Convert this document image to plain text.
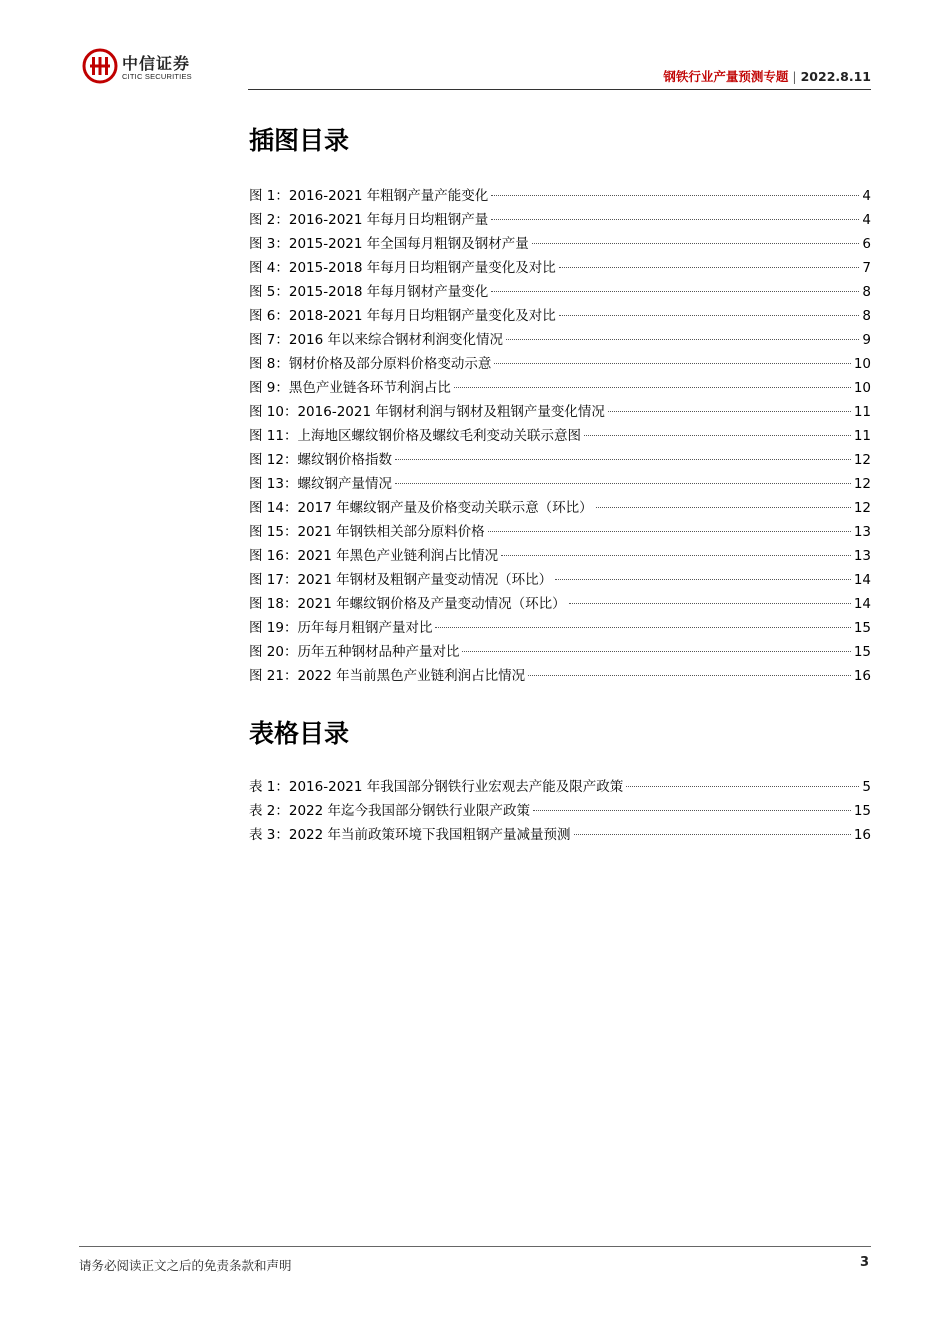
中信证券
CITIC SECURITIES	钢铁行业产量预测专题 | 2022.8.11
插图目录
图 1：2016-2021 年粗钢产量产能变化	4
图 2：2016-2021 年每月日均粗钢产量	4
图 3：2015-2021 年全国每月粗钢及钢材产量	6
图 4：2015-2018 年每月日均粗钢产量变化及对比	7
图 5：2015-2018 年每月钢材产量变化	8
图 6：2018-2021 年每月日均粗钢产量变化及对比	8
图 7：2016 年以来综合钢材利润变化情况	9
图 8：钢材价格及部分原料价格变动示意	10
图 9：黑色产业链各环节利润占比	10
图 10：2016-2021 年钢材利润与钢材及粗钢产量变化情况	11
图 11：上海地区螺纹钢价格及螺纹毛利变动关联示意图	11
图 12：螺纹钢价格指数	12
图 13：螺纹钢产量情况	12
图 14：2017 年螺纹钢产量及价格变动关联示意（环比）	12
图 15：2021 年钢铁相关部分原料价格	13
图 16：2021 年黑色产业链利润占比情况	13
图 17：2021 年钢材及粗钢产量变动情况（环比）	14
图 18：2021 年螺纹钢价格及产量变动情况（环比）	14
图 19：历年每月粗钢产量对比	15
图 20：历年五种钢材品种产量对比	15
图 21：2022 年当前黑色产业链利润占比情况	16
表格目录
表 1：2016-2021 年我国部分钢铁行业宏观去产能及限产政策	5
表 2：2022 年迄今我国部分钢铁行业限产政策	15
表 3：2022 年当前政策环境下我国粗钢产量减量预测	16
请务必阅读正文之后的免责条款和声明	3
